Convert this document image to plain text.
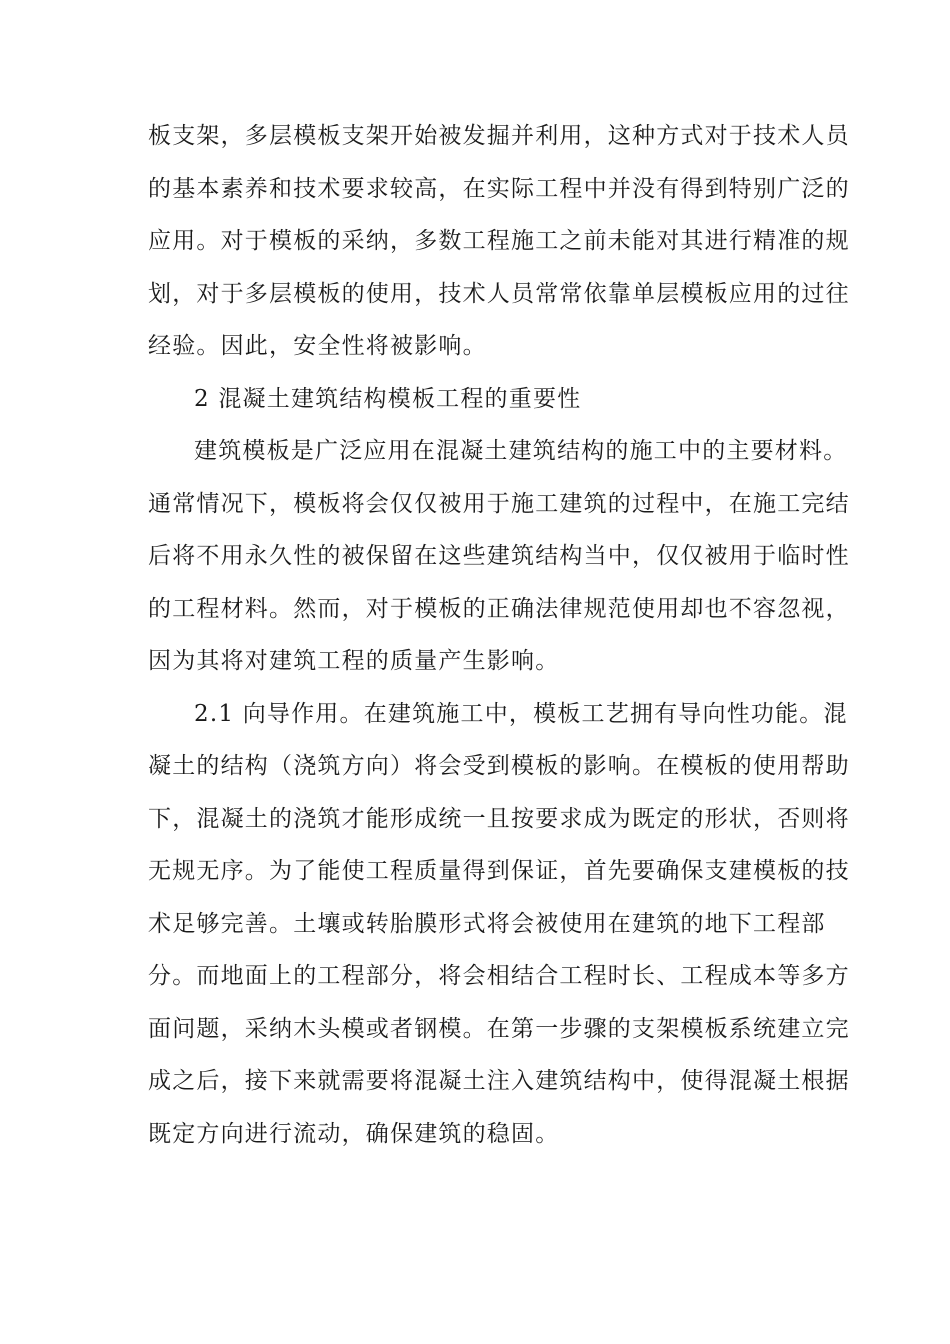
板支架，多层模板支架开始被发掘并利用，这种方式对于技术人员
的基本素养和技术要求较高，在实际工程中并没有得到特别广泛的
应用。对于模板的采纳，多数工程施工之前未能对其进行精准的规
划，对于多层模板的使用，技术人员常常依靠单层模板应用的过往
经验。因此，安全性将被影响。
2 混凝土建筑结构模板工程的重要性
建筑模板是广泛应用在混凝土建筑结构的施工中的主要材料。
通常情况下，模板将会仅仅被用于施工建筑的过程中，在施工完结
后将不用永久性的被保留在这些建筑结构当中，仅仅被用于临时性
的工程材料。然而，对于模板的正确法律规范使用却也不容忽视，
因为其将对建筑工程的质量产生影响。
2.1 向导作用。在建筑施工中，模板工艺拥有导向性功能。混
凝土的结构（浇筑方向）将会受到模板的影响。在模板的使用帮助
下，混凝土的浇筑才能形成统一且按要求成为既定的形状，否则将
无规无序。为了能使工程质量得到保证，首先要确保支建模板的技
术足够完善。土壤或转胎膜形式将会被使用在建筑的地下工程部
分。而地面上的工程部分，将会相结合工程时长、工程成本等多方
面问题，采纳木头模或者钢模。在第一步骤的支架模板系统建立完
成之后，接下来就需要将混凝土注入建筑结构中，使得混凝土根据
既定方向进行流动，确保建筑的稳固。
